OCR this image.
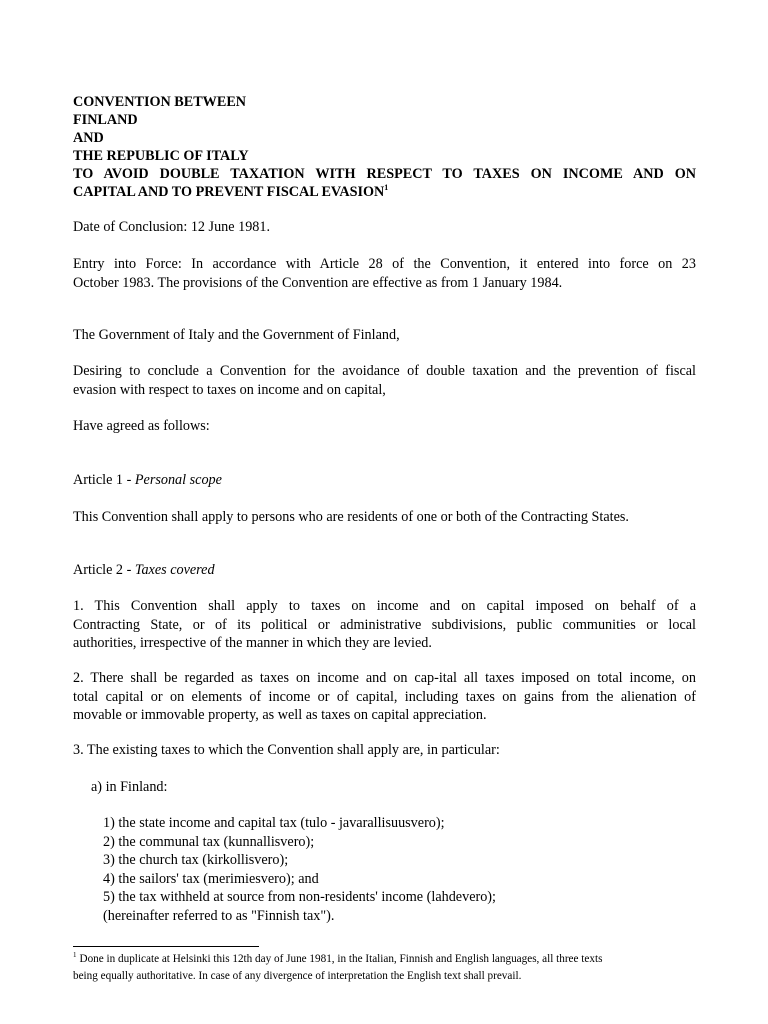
CONVENTION BETWEEN
FINLAND
AND
THE REPUBLIC OF ITALY
TO AVOID DOUBLE TAXATION WITH RESPECT TO TAXES ON INCOME AND ON
CAPITAL AND TO PREVENT FISCAL EVASION$^1$
Date of Conclusion: 12 June 1981.
Entry into Force: In accordance with Article 28 of the Convention, it entered into force on 23
October 1983. The provisions of the Convention are effective as from 1 January 1984.
The Government of Italy and the Government of Finland,
Desiring to conclude a Convention for the avoidance of double taxation and the prevention of fiscal
evasion with respect to taxes on income and on capital,
Have agreed as follows:
Article 1 - Personal scope
This Convention shall apply to persons who are residents of one or both of the Contracting States.
Article 2 - Taxes covered
1. This Convention shall apply to taxes on income and on capital imposed on behalf of a
Contracting State, or of its political or administrative subdivisions, public communities or local
authorities, irrespective of the manner in which they are levied.
2. There shall be regarded as taxes on income and on cap-ital all taxes imposed on total income, on
total capital or on elements of income or of capital, including taxes on gains from the alienation of
movable or immovable property, as well as taxes on capital appreciation.
3. The existing taxes to which the Convention shall apply are, in particular:
a) in Finland:
1) the state income and capital tax (tulo - javarallisuusvero);
2) the communal tax (kunnallisvero);
3) the church tax (kirkollisvero);
4) the sailors' tax (merimiesvero); and
5) the tax withheld at source from non-residents' income (lahdevero);
(hereinafter referred to as "Finnish tax").
$^1$ Done in duplicate at Helsinki this 12th day of June 1981, in the Italian, Finnish and English languages, all three texts
being equally authoritative. In case of any divergence of interpretation the English text shall prevail.
